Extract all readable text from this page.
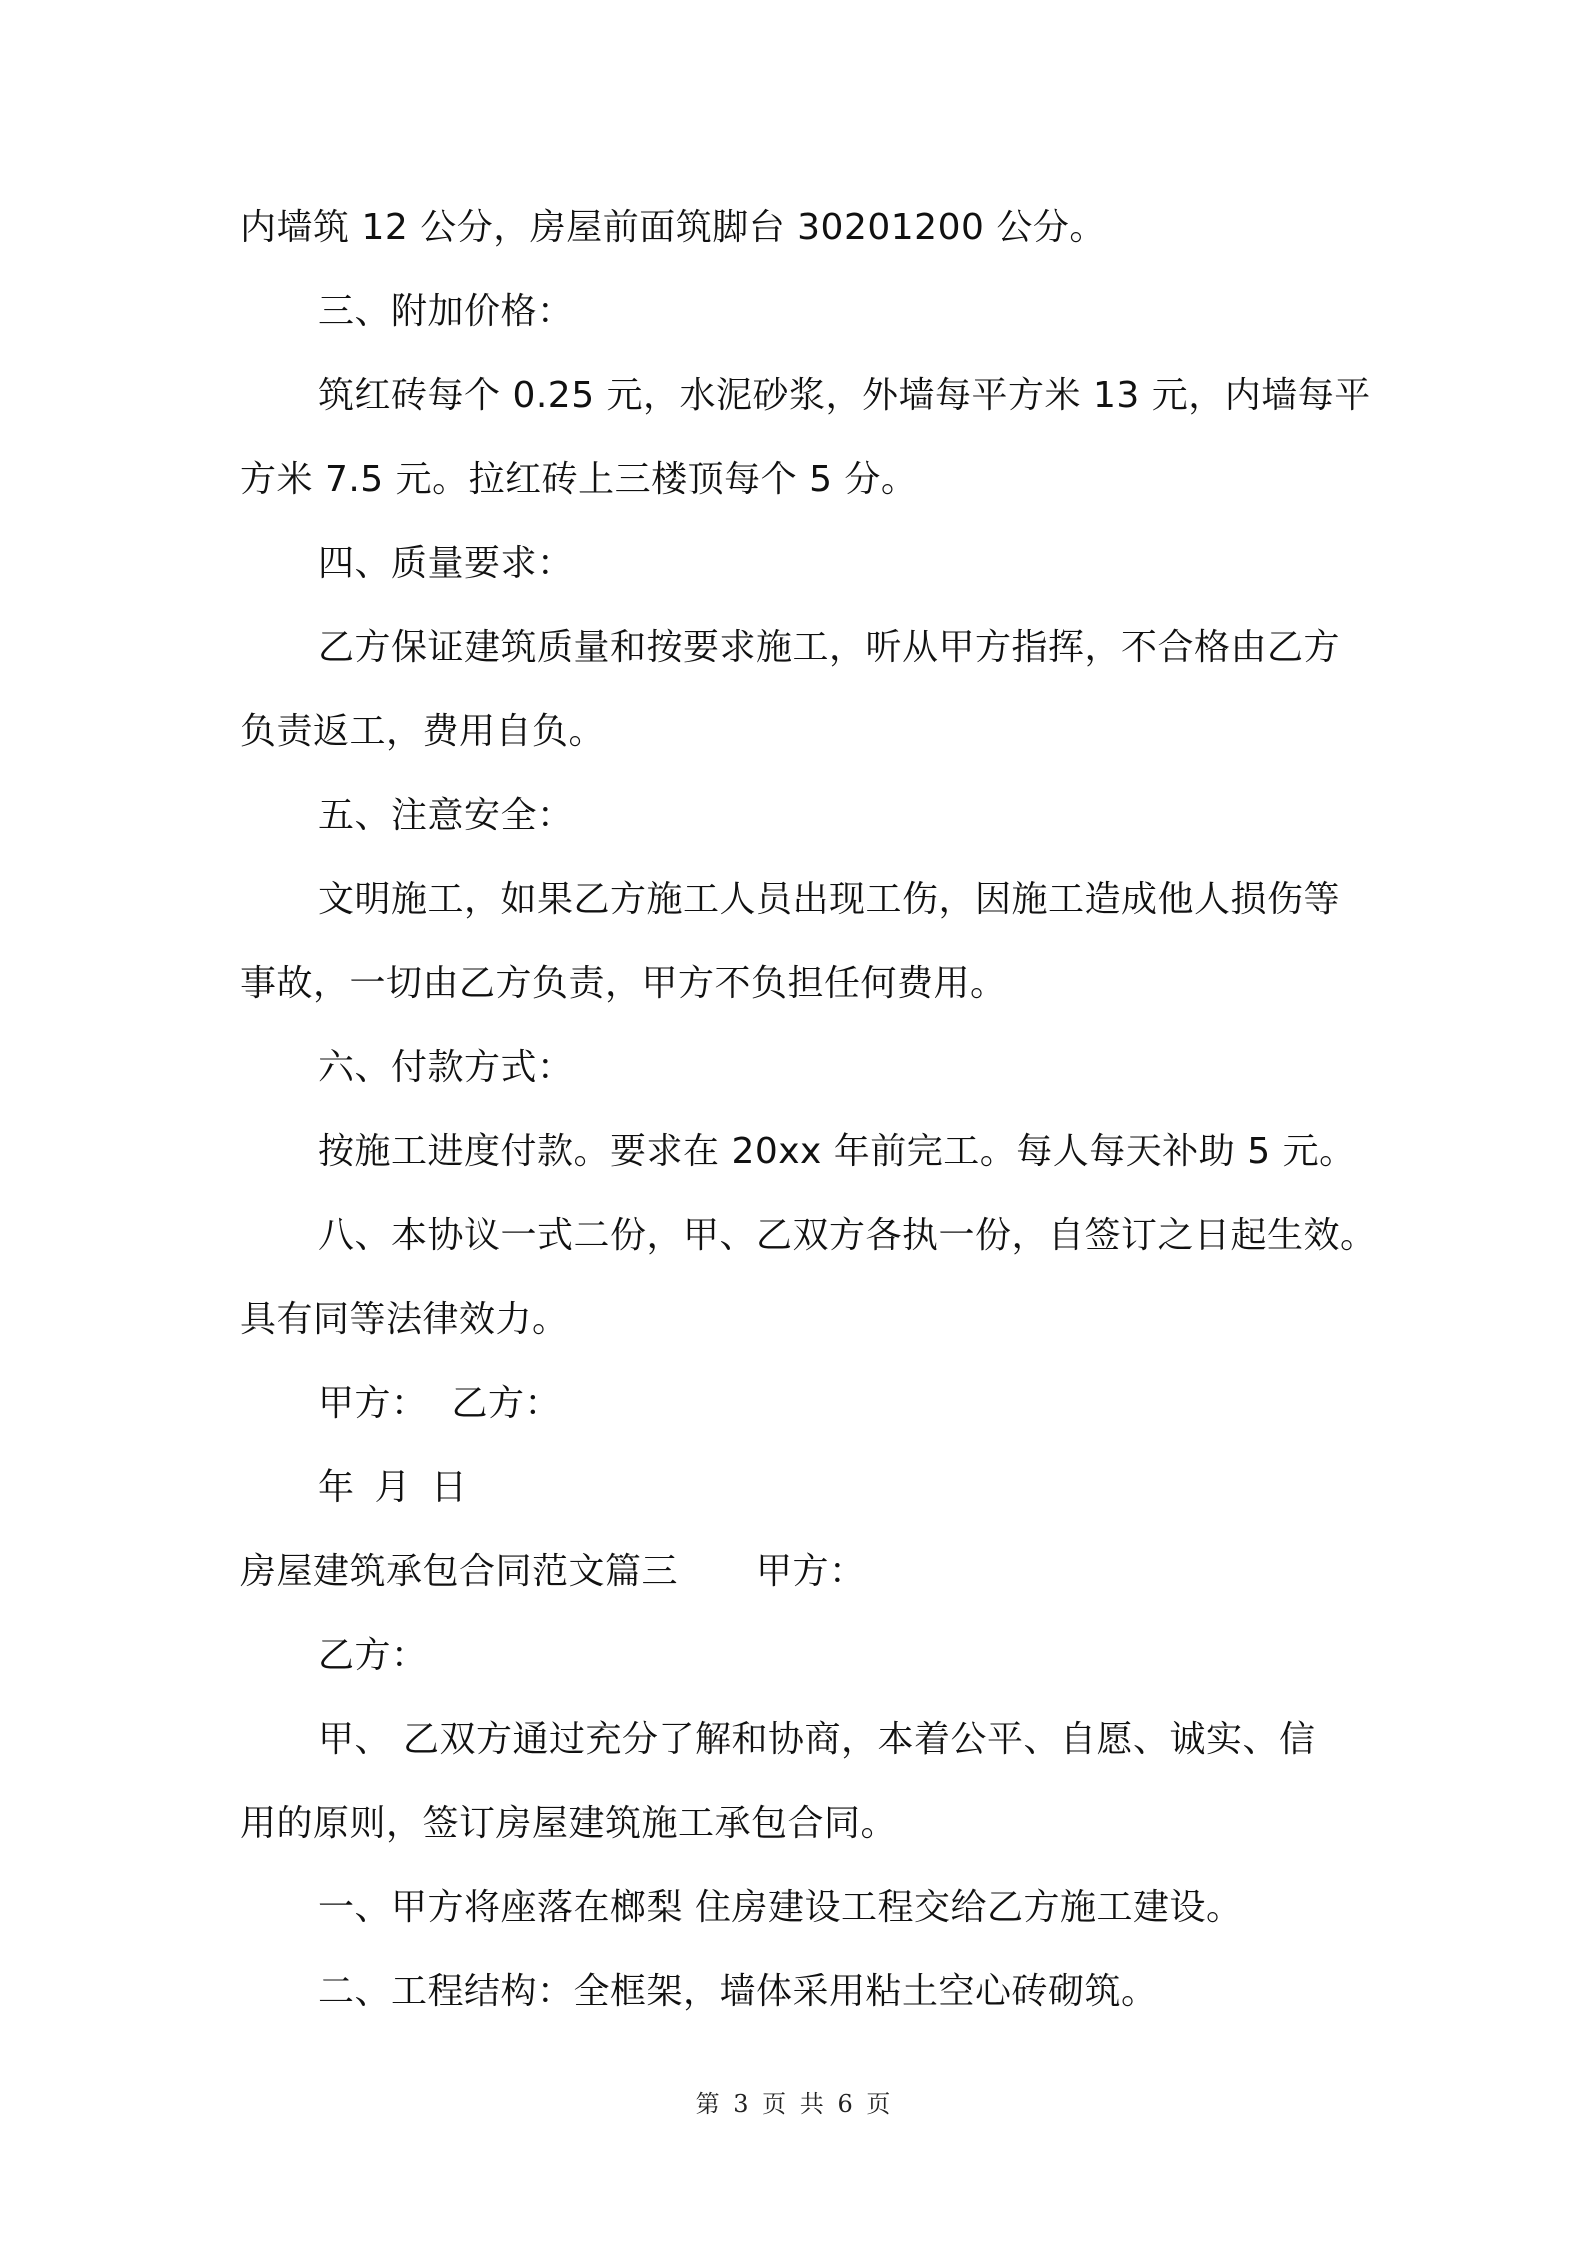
内墙筑 12 公分，房屋前面筑脚台 30201200 公分。
三、附加价格：
筑红砖每个 0.25 元，水泥砂浆，外墙每平方米 13 元，内墙每平
方米 7.5 元。拉红砖上三楼顶每个 5 分。
四、质量要求：
乙方保证建筑质量和按要求施工，听从甲方指挥，不合格由乙方
负责返工，费用自负。
五、注意安全：
文明施工，如果乙方施工人员出现工伤，因施工造成他人损伤等
事故，一切由乙方负责，甲方不负担任何费用。
六、付款方式：
按施工进度付款。要求在 20xx 年前完工。每人每天补助 5 元。
八、本协议一式二份，甲、乙双方各执一份，自签订之日起生效。
具有同等法律效力。
甲方： 乙方：
年 月 日
房屋建筑承包合同范文篇三 甲方：
乙方：
甲、 乙双方通过充分了解和协商，本着公平、自愿、诚实、信
用的原则，签订房屋建筑施工承包合同。
一、甲方将座落在榔梨 住房建设工程交给乙方施工建设。
二、工程结构：全框架，墙体采用粘土空心砖砌筑。
第 3 页 共 6 页
